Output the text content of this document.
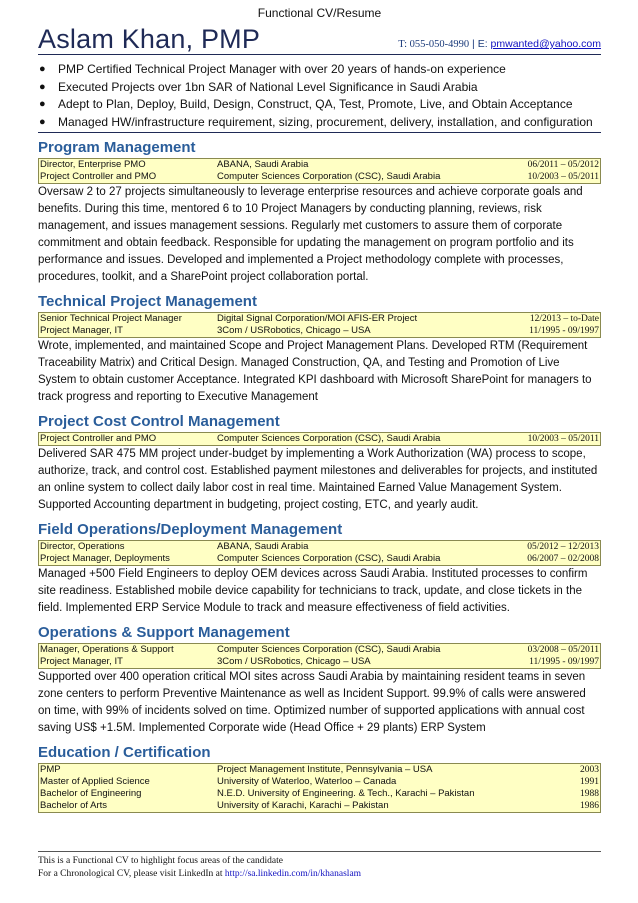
Functional CV/Resume
Aslam Khan, PMP	T: 055-050-4990 | E: pmwanted@yahoo.com
● PMP Certified Technical Project Manager with over 20 years of hands-on experience
● Executed Projects over 1bn SAR of National Level Significance in Saudi Arabia
● Adept to Plan, Deploy, Build, Design, Construct, QA, Test, Promote, Live, and Obtain Acceptance
● Managed HW/infrastructure requirement, sizing, procurement, delivery, installation, and configuration
Program Management
Director, Enterprise PMO	ABANA, Saudi Arabia	06/2011 – 05/2012
Project Controller and PMO	Computer Sciences Corporation (CSC), Saudi Arabia	10/2003 – 05/2011

Oversaw 2 to 27 projects simultaneously to leverage enterprise resources and achieve corporate goals and benefits. During this time, mentored 6 to 10 Project Managers by conducting planning, reviews, risk management, and issues management sessions. Regularly met customers to assure them of corporate commitment and obtain feedback. Responsible for updating the management on program portfolio and its performance and issues. Developed and implemented a Project methodology complete with processes, procedures, toolkit, and a SharePoint project collaboration portal.

Technical Project Management
Senior Technical Project Manager	Digital Signal Corporation/MOI AFIS-ER Project	12/2013 – to-Date
Project Manager, IT	3Com / USRobotics, Chicago – USA	11/1995 - 09/1997

Wrote, implemented, and maintained Scope and Project Management Plans. Developed RTM (Requirement Traceability Matrix) and Critical Design. Managed Construction, QA, and Testing and Promotion of Live System to obtain customer Acceptance. Integrated KPI dashboard with Microsoft SharePoint for managers to track progress and reporting to Executive Management

Project Cost Control Management
Project Controller and PMO	Computer Sciences Corporation (CSC), Saudi Arabia	10/2003 – 05/2011

Delivered SAR 475 MM project under-budget by implementing a Work Authorization (WA) process to scope, authorize, track, and control cost. Established payment milestones and deliverables for projects, and instituted an online system to collect daily labor cost in real time. Maintained Earned Value Management System. Supported Accounting department in budgeting, project costing, ETC, and yearly audit.

Field Operations/Deployment Management
Director, Operations	ABANA, Saudi Arabia	05/2012 – 12/2013
Project Manager, Deployments	Computer Sciences Corporation (CSC), Saudi Arabia	06/2007 – 02/2008

Managed +500 Field Engineers to deploy OEM devices across Saudi Arabia. Instituted processes to confirm site readiness. Established mobile device capability for technicians to track, update, and close tickets in the field. Implemented ERP Service Module to track and measure effectiveness of field activities.

Operations & Support Management
Manager, Operations & Support	Computer Sciences Corporation (CSC), Saudi Arabia	03/2008 – 05/2011
Project Manager, IT	3Com / USRobotics, Chicago – USA	11/1995 - 09/1997

Supported over 400 operation critical MOI sites across Saudi Arabia by maintaining resident teams in seven zone centers to perform Preventive Maintenance as well as Incident Support. 99.9% of calls were answered on time, with 99% of incidents solved on time. Optimized number of supported applications with annual cost saving US$ +1.5M. Implemented Corporate wide (Head Office + 29 plants) ERP System

Education / Certification
PMP	Project Management Institute, Pennsylvania – USA	2003
Master of Applied Science	University of Waterloo, Waterloo – Canada	1991
Bachelor of Engineering	N.E.D. University of Engineering. & Tech., Karachi – Pakistan	1988
Bachelor of Arts	University of Karachi, Karachi – Pakistan	1986
This is a Functional CV to highlight focus areas of the candidate
For a Chronological CV, please visit LinkedIn at http://sa.linkedin.com/in/khanaslam
